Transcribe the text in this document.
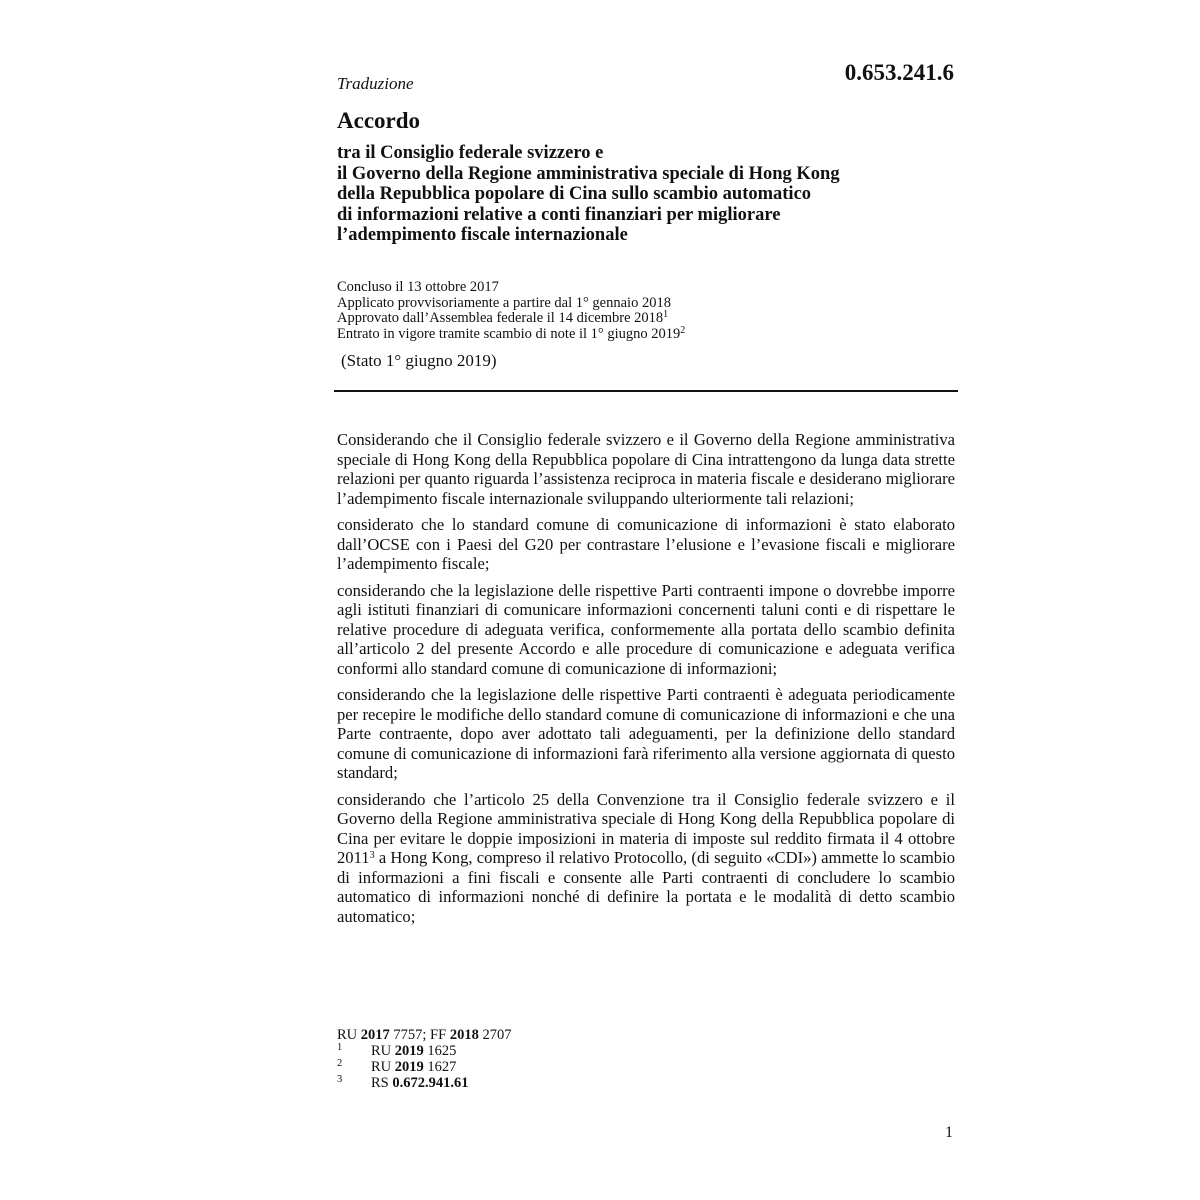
Traduzione	0.653.241.6
Accordo
tra il Consiglio federale svizzero e
il Governo della Regione amministrativa speciale di Hong Kong
della Repubblica popolare di Cina sullo scambio automatico
di informazioni relative a conti finanziari per migliorare
l’adempimento fiscale internazionale
Concluso il 13 ottobre 2017
Applicato provvisoriamente a partire dal 1° gennaio 2018
Approvato dall’Assemblea federale il 14 dicembre 2018$^1$
Entrato in vigore tramite scambio di note il 1° giugno 2019$^2$
(Stato 1° giugno 2019)

Considerando che il Consiglio federale svizzero e il Governo della Regione amministrativa speciale di Hong Kong della Repubblica popolare di Cina intrattengono da lunga data strette relazioni per quanto riguarda l’assistenza reciproca in materia fiscale e desiderano migliorare l’adempimento fiscale internazionale sviluppando ulteriormente tali relazioni;

considerato che lo standard comune di comunicazione di informazioni è stato elaborato dall’OCSE con i Paesi del G20 per contrastare l’elusione e l’evasione fiscali e migliorare l’adempimento fiscale;

considerando che la legislazione delle rispettive Parti contraenti impone o dovrebbe imporre agli istituti finanziari di comunicare informazioni concernenti taluni conti e di rispettare le relative procedure di adeguata verifica, conformemente alla portata dello scambio definita all’articolo 2 del presente Accordo e alle procedure di comunicazione e adeguata verifica conformi allo standard comune di comunicazione di informazioni;

considerando che la legislazione delle rispettive Parti contraenti è adeguata periodicamente per recepire le modifiche dello standard comune di comunicazione di informazioni e che una Parte contraente, dopo aver adottato tali adeguamenti, per la definizione dello standard comune di comunicazione di informazioni farà riferimento alla versione aggiornata di questo standard;

considerando che l’articolo 25 della Convenzione tra il Consiglio federale svizzero e il Governo della Regione amministrativa speciale di Hong Kong della Repubblica popolare di Cina per evitare le doppie imposizioni in materia di imposte sul reddito firmata il 4 ottobre 2011$^3$ a Hong Kong, compreso il relativo Protocollo, (di seguito «CDI») ammette lo scambio di informazioni a fini fiscali e consente alle Parti contraenti di concludere lo scambio automatico di informazioni nonché di definire la portata e le modalità di detto scambio automatico;

RU 2017 7757; FF 2018 2707
1 RU 2019 1625
2 RU 2019 1627
3 RS 0.672.941.61
1
